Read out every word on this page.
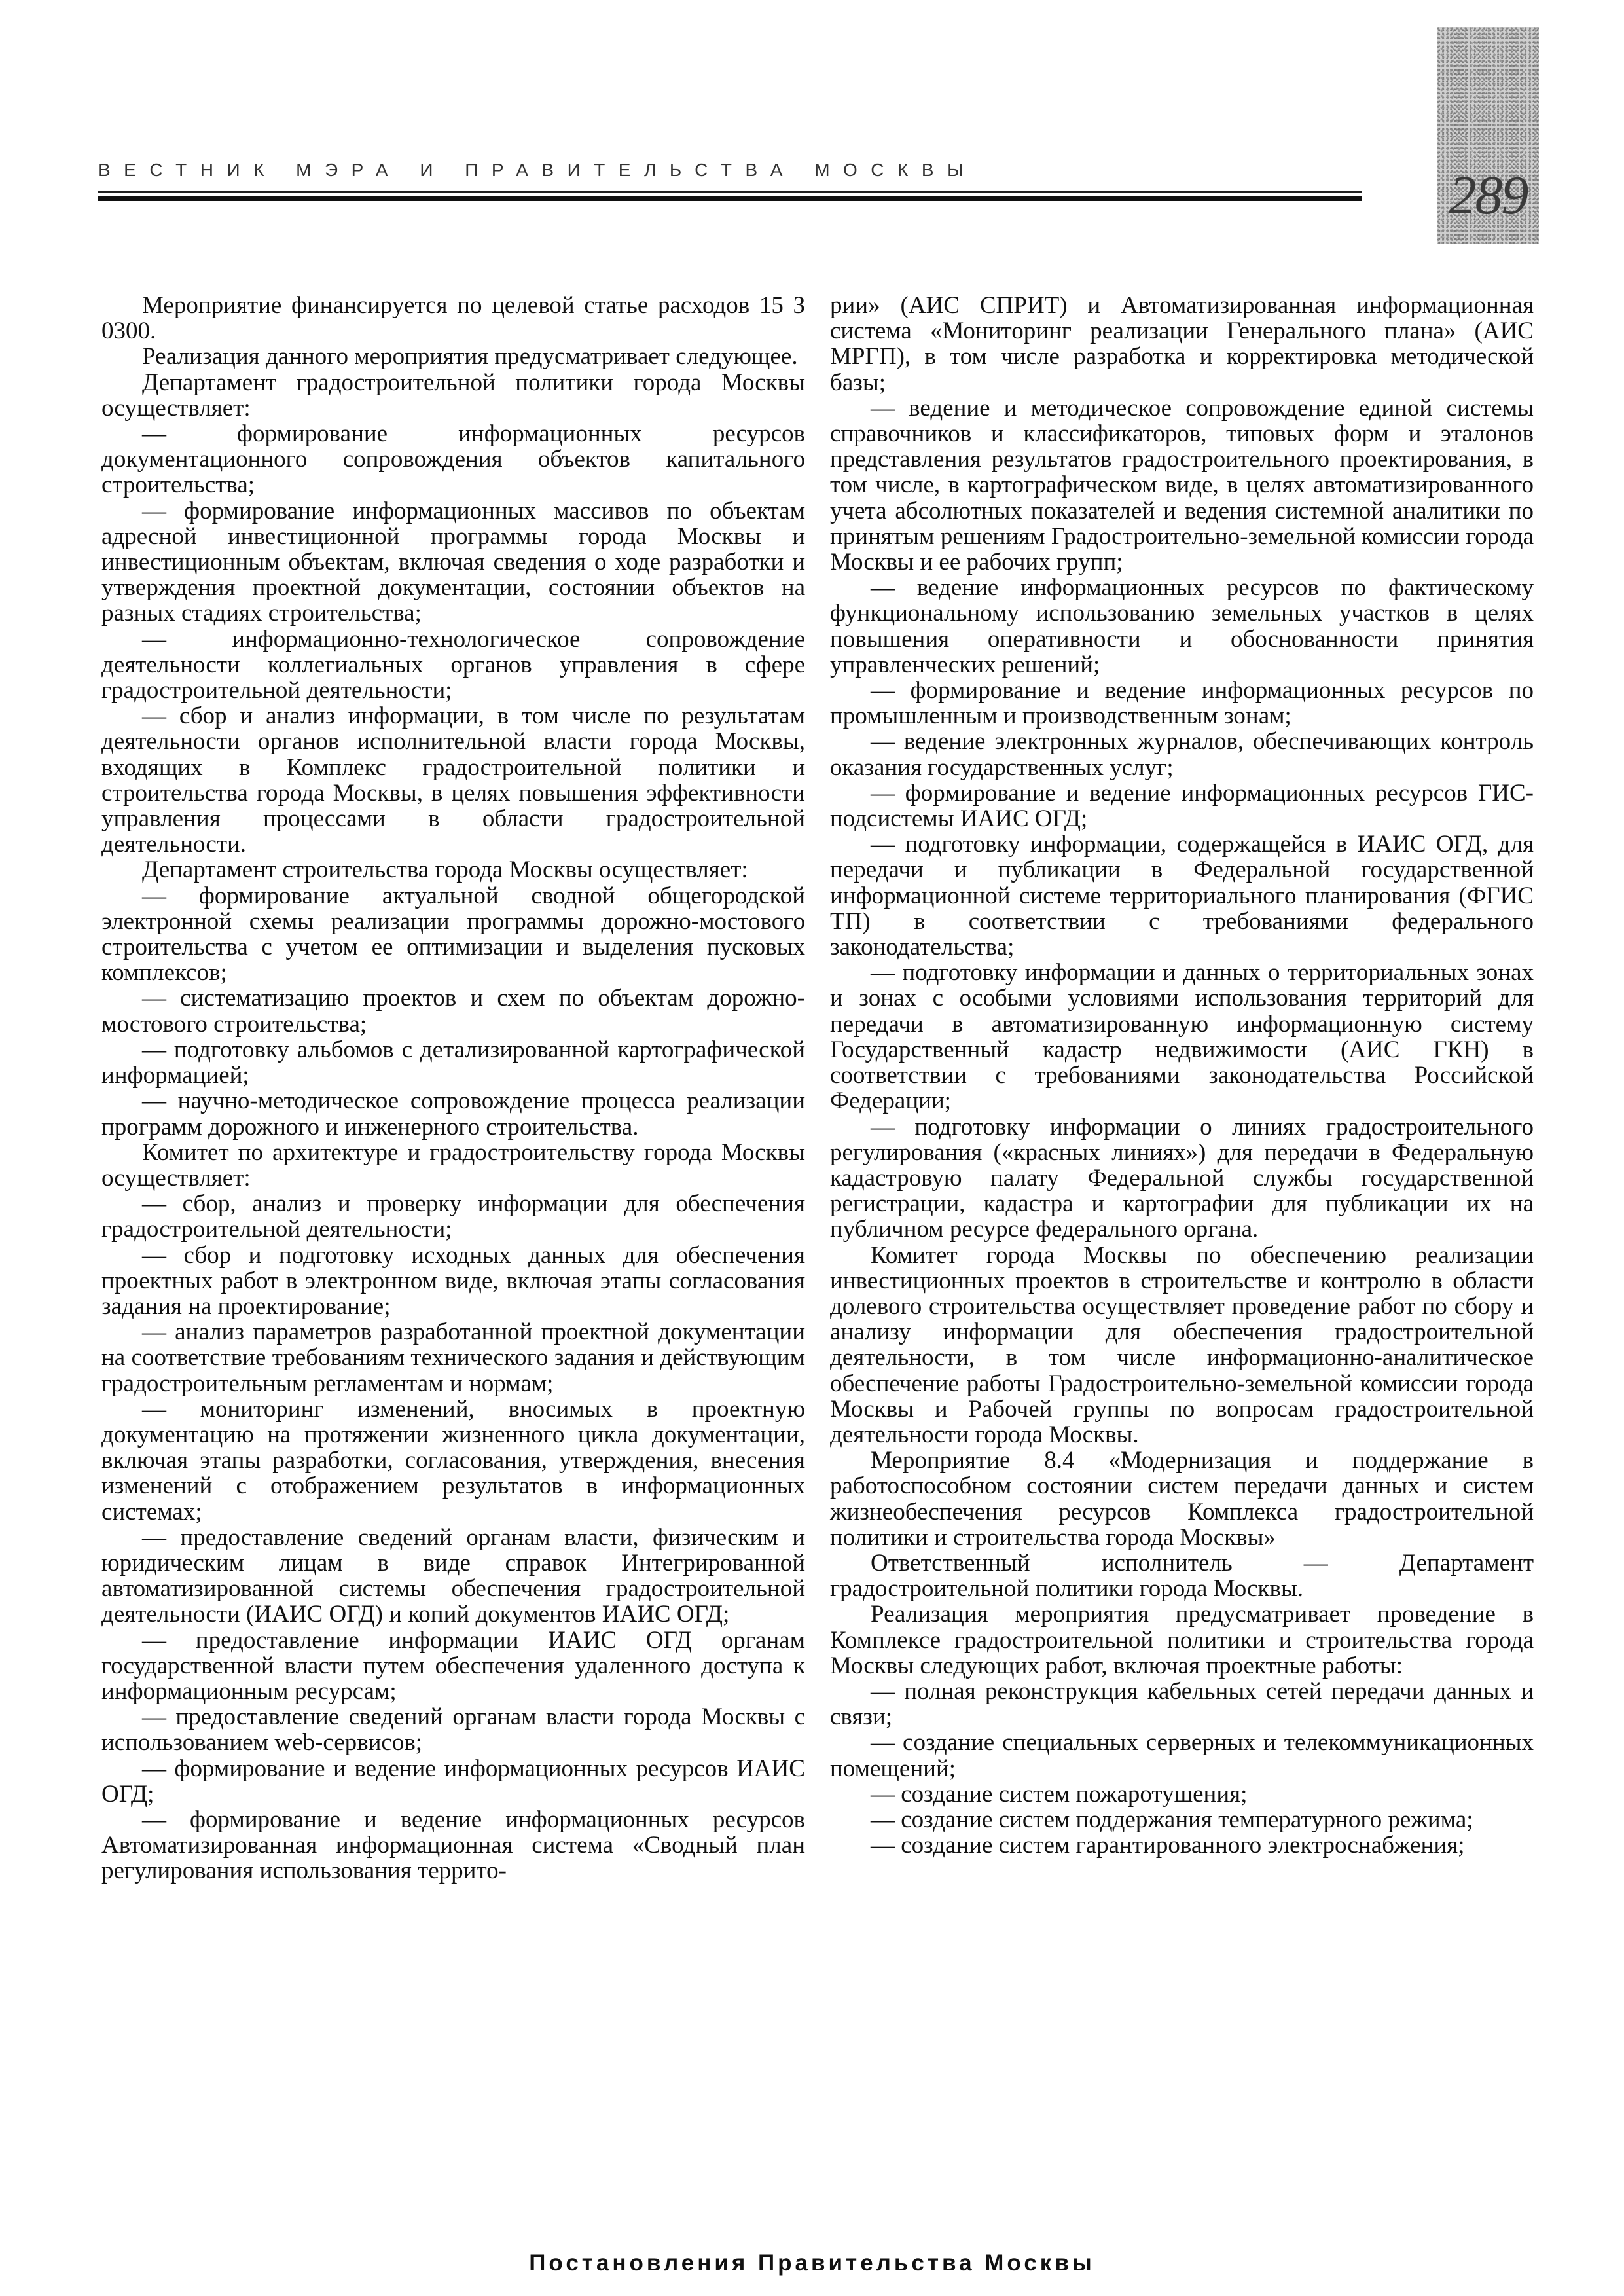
289
ВЕСТНИК МЭРА И ПРАВИТЕЛЬСТВА МОСКВЫ

Мероприятие финансируется по целевой статье расходов 15 З 0300.

Реализация данного мероприятия предусматривает следующее.

Департамент градостроительной политики города Москвы осуществляет:

— формирование информационных ресурсов документационного сопровождения объектов капитального строительства;

— формирование информационных массивов по объектам адресной инвестиционной программы города Москвы и инвестиционным объектам, включая сведения о ходе разработки и утверждения проектной документации, состоянии объектов на разных стадиях строительства;

— информационно-технологическое сопровождение деятельности коллегиальных органов управления в сфере градостроительной деятельности;

— сбор и анализ информации, в том числе по результатам деятельности органов исполнительной власти города Москвы, входящих в Комплекс градостроительной политики и строительства города Москвы, в целях повышения эффективности управления процессами в области градостроительной деятельности.

Департамент строительства города Москвы осуществляет:

— формирование актуальной сводной общегородской электронной схемы реализации программы дорожно-мостового строительства с учетом ее оптимизации и выделения пусковых комплексов;

— систематизацию проектов и схем по объектам дорожно-мостового строительства;

— подготовку альбомов с детализированной картографической информацией;

— научно-методическое сопровождение процесса реализации программ дорожного и инженерного строительства.

Комитет по архитектуре и градостроительству города Москвы осуществляет:

— сбор, анализ и проверку информации для обеспечения градостроительной деятельности;

— сбор и подготовку исходных данных для обеспечения проектных работ в электронном виде, включая этапы согласования задания на проектирование;

— анализ параметров разработанной проектной документации на соответствие требованиям технического задания и действующим градостроительным регламентам и нормам;

— мониторинг изменений, вносимых в проектную документацию на протяжении жизненного цикла документации, включая этапы разработки, согласования, утверждения, внесения изменений с отображением результатов в информационных системах;

— предоставление сведений органам власти, физическим и юридическим лицам в виде справок Интегрированной автоматизированной системы обеспечения градостроительной деятельности (ИАИС ОГД) и копий документов ИАИС ОГД;

— предоставление информации ИАИС ОГД органам государственной власти путем обеспечения удаленного доступа к информационным ресурсам;

— предоставление сведений органам власти города Москвы с использованием web-сервисов;

— формирование и ведение информационных ресурсов ИАИС ОГД;

— формирование и ведение информационных ресурсов Автоматизированная информационная система «Сводный план регулирования использования террито-

рии» (АИС СПРИТ) и Автоматизированная информационная система «Мониторинг реализации Генерального плана» (АИС МРГП), в том числе разработка и корректировка методической базы;

— ведение и методическое сопровождение единой системы справочников и классификаторов, типовых форм и эталонов представления результатов градостроительного проектирования, в том числе, в картографическом виде, в целях автоматизированного учета абсолютных показателей и ведения системной аналитики по принятым решениям Градостроительно-земельной комиссии города Москвы и ее рабочих групп;

— ведение информационных ресурсов по фактическому функциональному использованию земельных участков в целях повышения оперативности и обоснованности принятия управленческих решений;

— формирование и ведение информационных ресурсов по промышленным и производственным зонам;

— ведение электронных журналов, обеспечивающих контроль оказания государственных услуг;

— формирование и ведение информационных ресурсов ГИС-подсистемы ИАИС ОГД;

— подготовку информации, содержащейся в ИАИС ОГД, для передачи и публикации в Федеральной государственной информационной системе территориального планирования (ФГИС ТП) в соответствии с требованиями федерального законодательства;

— подготовку информации и данных о территориальных зонах и зонах с особыми условиями использования территорий для передачи в автоматизированную информационную систему Государственный кадастр недвижимости (АИС ГКН) в соответствии с требованиями законодательства Российской Федерации;

— подготовку информации о линиях градостроительного регулирования («красных линиях») для передачи в Федеральную кадастровую палату Федеральной службы государственной регистрации, кадастра и картографии для публикации их на публичном ресурсе федерального органа.

Комитет города Москвы по обеспечению реализации инвестиционных проектов в строительстве и контролю в области долевого строительства осуществляет проведение работ по сбору и анализу информации для обеспечения градостроительной деятельности, в том числе информационно-аналитическое обеспечение работы Градостроительно-земельной комиссии города Москвы и Рабочей группы по вопросам градостроительной деятельности города Москвы.

Мероприятие 8.4 «Модернизация и поддержание в работоспособном состоянии систем передачи данных и систем жизнеобеспечения ресурсов Комплекса градостроительной политики и строительства города Москвы»

Ответственный исполнитель — Департамент градостроительной политики города Москвы.

Реализация мероприятия предусматривает проведение в Комплексе градостроительной политики и строительства города Москвы следующих работ, включая проектные работы:

— полная реконструкция кабельных сетей передачи данных и связи;

— создание специальных серверных и телекоммуникационных помещений;

— создание систем пожаротушения;

— создание систем поддержания температурного режима;

— создание систем гарантированного электроснабжения;

Постановления Правительства Москвы
